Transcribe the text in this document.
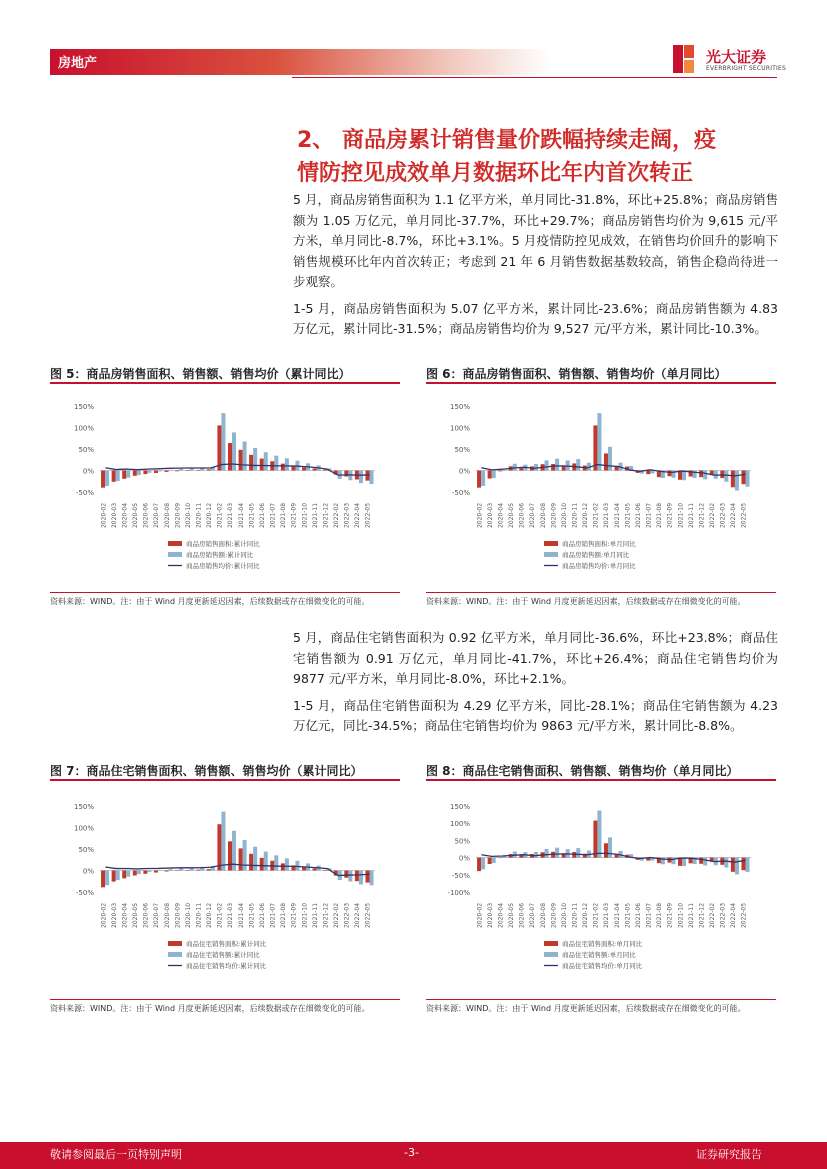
房地产	光大证券
EVERBRIGHT SECURITIES
2、 商品房累计销售量价跌幅持续走阔，疫
情防控见成效单月数据环比年内首次转正

5 月，商品房销售面积为 1.1 亿平方米，单月同比-31.8%，环比+25.8%；商品房销售额为 1.05 万亿元，单月同比-37.7%，环比+29.7%；商品房销售均价为 9,615 元/平方米，单月同比-8.7%，环比+3.1%。5 月疫情防控见成效，在销售均价回升的影响下销售规模环比年内首次转正；考虑到 21 年 6 月销售数据基数较高，销售企稳尚待进一步观察。

1-5 月，商品房销售面积为 5.07 亿平方米，累计同比-23.6%；商品房销售额为 4.83 万亿元，累计同比-31.5%；商品房销售均价为 9,527 元/平方米，累计同比-10.3%。

图 5：商品房销售面积、销售额、销售均价（累计同比）
150%
100%
50%
0%
-50%
2020-02 2020-03 2020-04 2020-05 2020-06 2020-07 2020-08 2020-09 2020-10 2020-11 2020-12 2021-02 2021-03 2021-04 2021-05 2021-06 2021-07 2021-08 2021-09 2021-10 2021-11 2021-12 2022-02 2022-03 2022-04 2022-05
商品房销售面积:累计同比
商品房销售额:累计同比
商品房销售均价:累计同比
资料来源：WIND。注：由于 Wind 月度更新延迟因素，后续数据或存在细微变化的可能。
图 6：商品房销售面积、销售额、销售均价（单月同比）
150%
100%
50%
0%
-50%
2020-02 2020-03 2020-04 2020-05 2020-06 2020-07 2020-08 2020-09 2020-10 2020-11 2020-12 2021-02 2021-03 2021-04 2021-05 2021-06 2021-07 2021-08 2021-09 2021-10 2021-11 2021-12 2022-02 2022-03 2022-04 2022-05
商品房销售面积:单月同比
商品房销售额:单月同比
商品房销售均价:单月同比
资料来源：WIND。注：由于 Wind 月度更新延迟因素，后续数据或存在细微变化的可能。

5 月，商品住宅销售面积为 0.92 亿平方米，单月同比-36.6%，环比+23.8%；商品住宅销售额为 0.91 万亿元，单月同比-41.7%，环比+26.4%；商品住宅销售均价为 9877 元/平方米，单月同比-8.0%，环比+2.1%。

1-5 月，商品住宅销售面积为 4.29 亿平方米，同比-28.1%；商品住宅销售额为 4.23 万亿元，同比-34.5%；商品住宅销售均价为 9863 元/平方米，累计同比-8.8%。

图 7：商品住宅销售面积、销售额、销售均价（累计同比）
150%
100%
50%
0%
-50%
2020-02 2020-03 2020-04 2020-05 2020-06 2020-07 2020-08 2020-09 2020-10 2020-11 2020-12 2021-02 2021-03 2021-04 2021-05 2021-06 2021-07 2021-08 2021-09 2021-10 2021-11 2021-12 2022-02 2022-03 2022-04 2022-05
商品住宅销售面积:累计同比
商品住宅销售额:累计同比
商品住宅销售均价:累计同比
资料来源：WIND。注：由于 Wind 月度更新延迟因素，后续数据或存在细微变化的可能。
图 8：商品住宅销售面积、销售额、销售均价（单月同比）
150%
100%
50%
0%
-50%
-100%
2020-02 2020-03 2020-04 2020-05 2020-06 2020-07 2020-08 2020-09 2020-10 2020-11 2020-12 2021-02 2021-03 2021-04 2021-05 2021-06 2021-07 2021-08 2021-09 2021-10 2021-11 2021-12 2022-02 2022-03 2022-04 2022-05
商品住宅销售面积:单月同比
商品住宅销售额:单月同比
商品住宅销售均价:单月同比
资料来源：WIND。注：由于 Wind 月度更新延迟因素，后续数据或存在细微变化的可能。
敬请参阅最后一页特别声明	-3-	证券研究报告
